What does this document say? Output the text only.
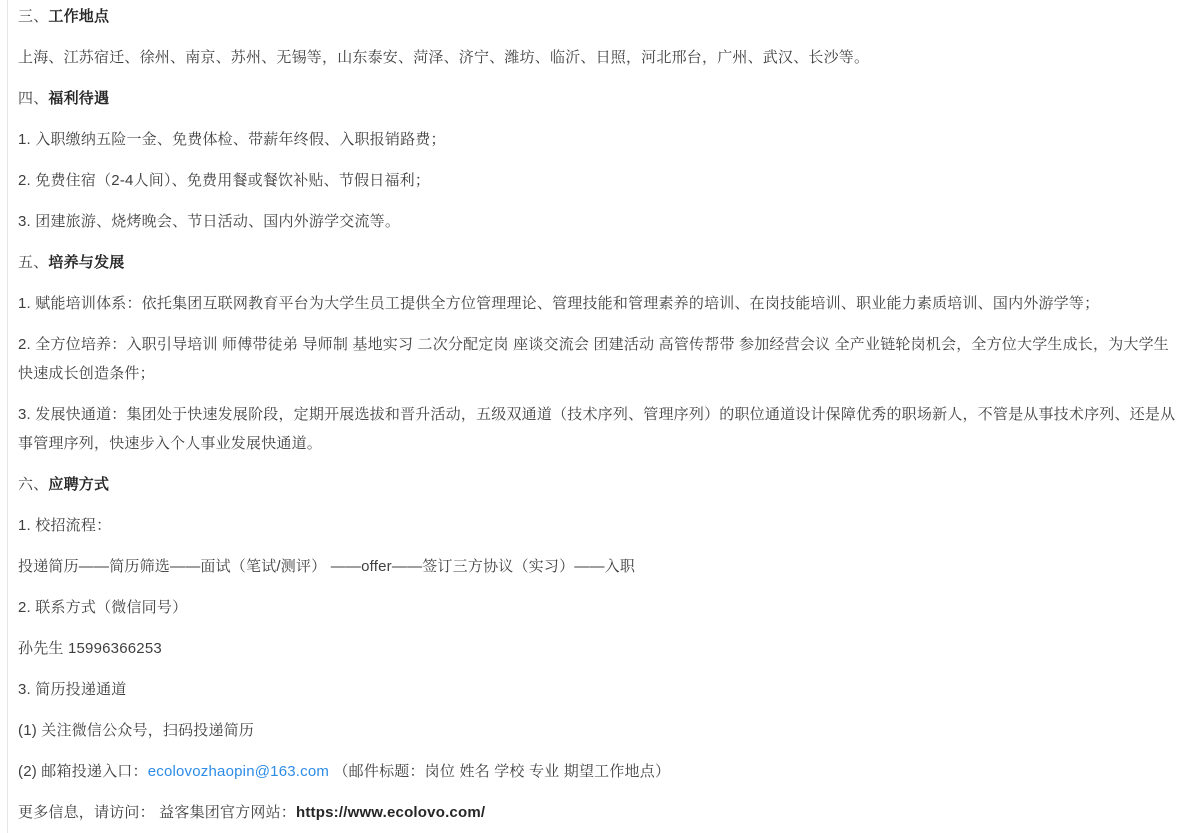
三、工作地点

上海、江苏宿迁、徐州、南京、苏州、无锡等，山东泰安、菏泽、济宁、潍坊、临沂、日照，河北邢台，广州、武汉、长沙等。

四、福利待遇

1. 入职缴纳五险一金、免费体检、带薪年终假、入职报销路费；

2. 免费住宿（2-4人间）、免费用餐或餐饮补贴、节假日福利；

3. 团建旅游、烧烤晚会、节日活动、国内外游学交流等。

五、培养与发展

1. 赋能培训体系：依托集团互联网教育平台为大学生员工提供全方位管理理论、管理技能和管理素养的培训、在岗技能培训、职业能力素质培训、国内外游学等；

2. 全方位培养：入职引导培训 师傅带徒弟 导师制 基地实习 二次分配定岗 座谈交流会 团建活动 高管传帮带 参加经营会议 全产业链轮岗机会，全方位大学生成长，为大学生快速成长创造条件；

3. 发展快通道：集团处于快速发展阶段，定期开展选拔和晋升活动，五级双通道（技术序列、管理序列）的职位通道设计保障优秀的职场新人，不管是从事技术序列、还是从事管理序列，快速步入个人事业发展快通道。

六、应聘方式

1. 校招流程：

投递简历——简历筛选——面试（笔试/测评） ——offer——签订三方协议（实习）——入职

2. 联系方式（微信同号）

孙先生 15996366253

3. 简历投递通道

(1) 关注微信公众号，扫码投递简历

(2) 邮箱投递入口：ecolovozhaopin@163.com （邮件标题：岗位 姓名 学校 专业 期望工作地点）

更多信息，请访问： 益客集团官方网站：https://www.ecolovo.com/
